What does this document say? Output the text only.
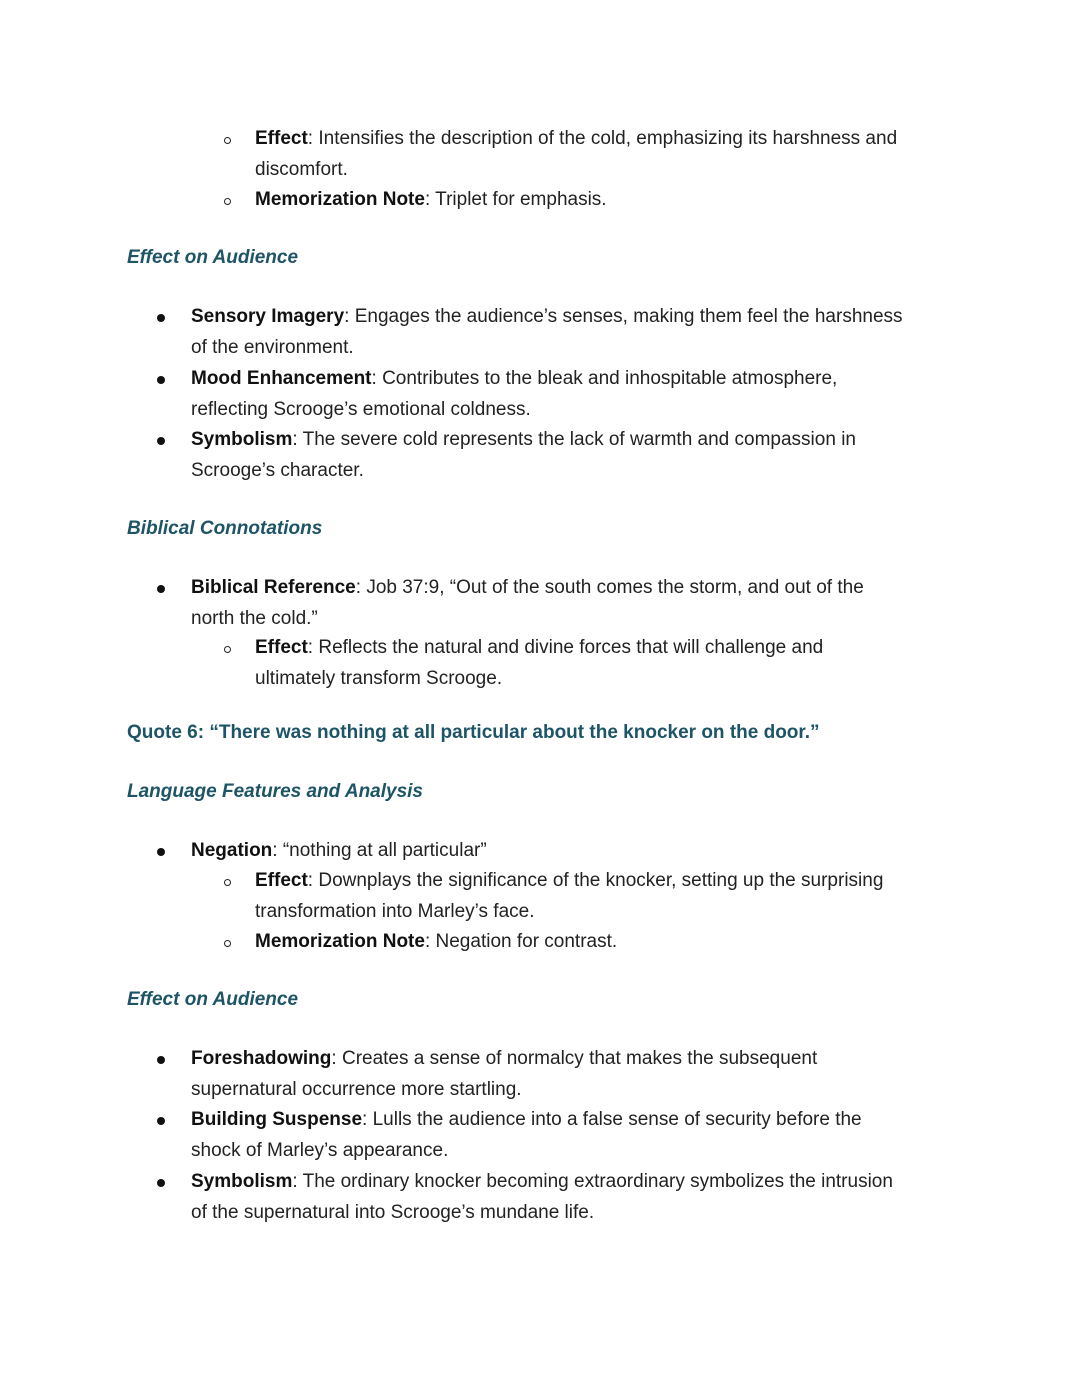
Effect: Intensifies the description of the cold, emphasizing its harshness and
discomfort.
Memorization Note: Triplet for emphasis.
Effect on Audience
Sensory Imagery: Engages the audience’s senses, making them feel the harshness
of the environment.
Mood Enhancement: Contributes to the bleak and inhospitable atmosphere,
reflecting Scrooge’s emotional coldness.
Symbolism: The severe cold represents the lack of warmth and compassion in
Scrooge’s character.
Biblical Connotations
Biblical Reference: Job 37:9, “Out of the south comes the storm, and out of the
north the cold.”
Effect: Reflects the natural and divine forces that will challenge and
ultimately transform Scrooge.
Quote 6: “There was nothing at all particular about the knocker on the door.”
Language Features and Analysis
Negation: “nothing at all particular”
Effect: Downplays the significance of the knocker, setting up the surprising
transformation into Marley’s face.
Memorization Note: Negation for contrast.
Effect on Audience
Foreshadowing: Creates a sense of normalcy that makes the subsequent
supernatural occurrence more startling.
Building Suspense: Lulls the audience into a false sense of security before the
shock of Marley’s appearance.
Symbolism: The ordinary knocker becoming extraordinary symbolizes the intrusion
of the supernatural into Scrooge’s mundane life.
